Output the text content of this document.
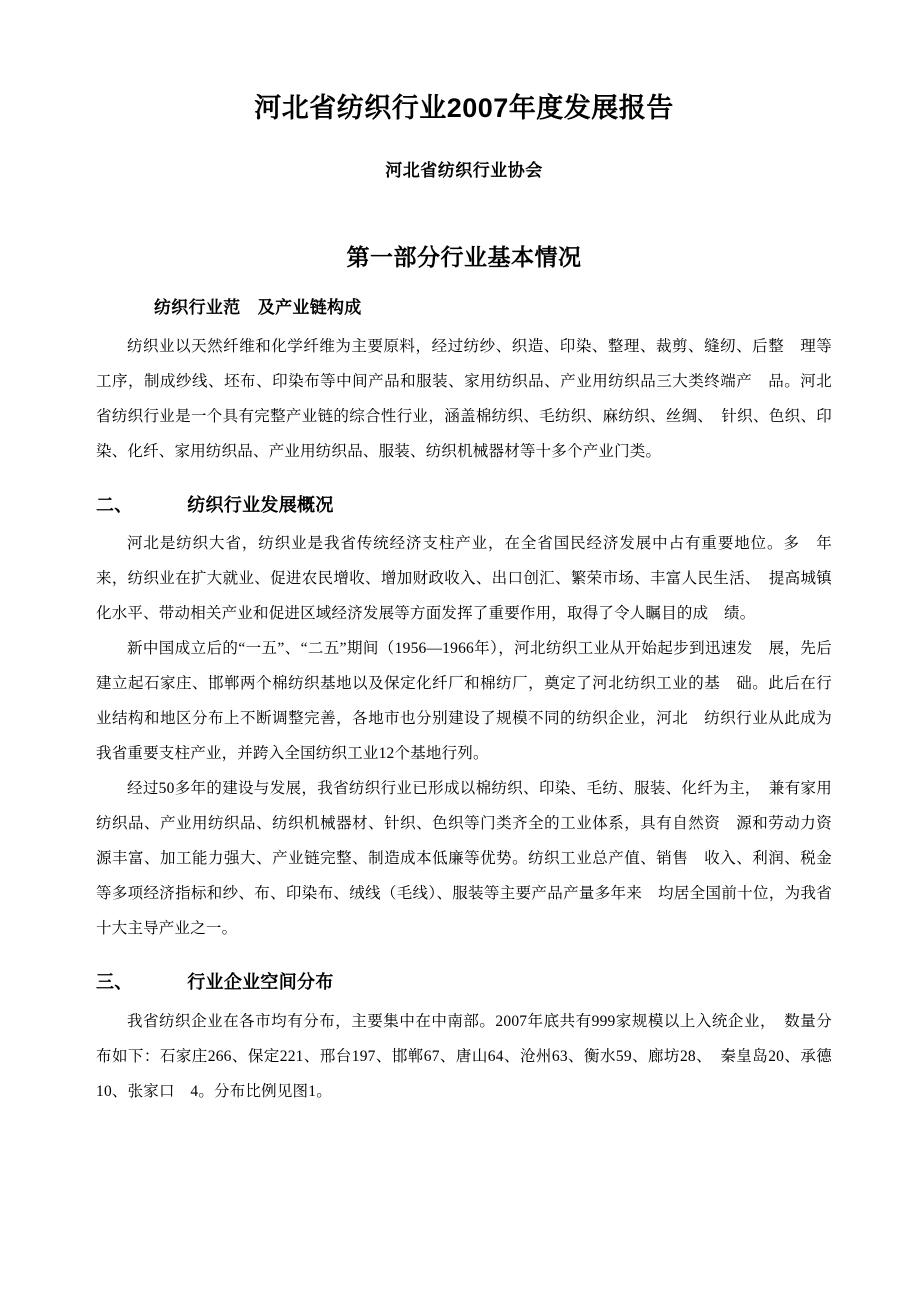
河北省纺织行业2007年度发展报告
河北省纺织行业协会
第一部分行业基本情况
纺织行业范　及产业链构成

纺织业以天然纤维和化学纤维为主要原料，经过纺纱、织造、印染、整理、裁剪、缝纫、后整　理等工序，制成纱线、坯布、印染布等中间产品和服装、家用纺织品、产业用纺织品三大类终端产　品。河北省纺织行业是一个具有完整产业链的综合性行业，涵盖棉纺织、毛纺织、麻纺织、丝绸、　针织、色织、印染、化纤、家用纺织品、产业用纺织品、服装、纺织机械器材等十多个产业门类。

二、	纺织行业发展概况

河北是纺织大省，纺织业是我省传统经济支柱产业，在全省国民经济发展中占有重要地位。多　年来，纺织业在扩大就业、促进农民增收、增加财政收入、出口创汇、繁荣市场、丰富人民生活、　提高城镇化水平、带动相关产业和促进区域经济发展等方面发挥了重要作用，取得了令人瞩目的成　绩。

新中国成立后的“一五”、“二五”期间（1956—1966年），河北纺织工业从开始起步到迅速发　展，先后建立起石家庄、邯郸两个棉纺织基地以及保定化纤厂和棉纺厂，奠定了河北纺织工业的基　础。此后在行业结构和地区分布上不断调整完善，各地市也分别建设了规模不同的纺织企业，河北　纺织行业从此成为我省重要支柱产业，并跨入全国纺织工业12个基地行列。

经过50多年的建设与发展，我省纺织行业已形成以棉纺织、印染、毛纺、服装、化纤为主，　兼有家用纺织品、产业用纺织品、纺织机械器材、针织、色织等门类齐全的工业体系，具有自然资　源和劳动力资源丰富、加工能力强大、产业链完整、制造成本低廉等优势。纺织工业总产值、销售　收入、利润、税金等多项经济指标和纱、布、印染布、绒线（毛线）、服装等主要产品产量多年来　均居全国前十位，为我省十大主导产业之一。

三、	行业企业空间分布

我省纺织企业在各市均有分布，主要集中在中南部。2007年底共有999家规模以上入统企业，　数量分布如下：石家庄266、保定221、邢台197、邯郸67、唐山64、沧州63、衡水59、廊坊28、　秦皇岛20、承德10、张家口　4。分布比例见图1。
